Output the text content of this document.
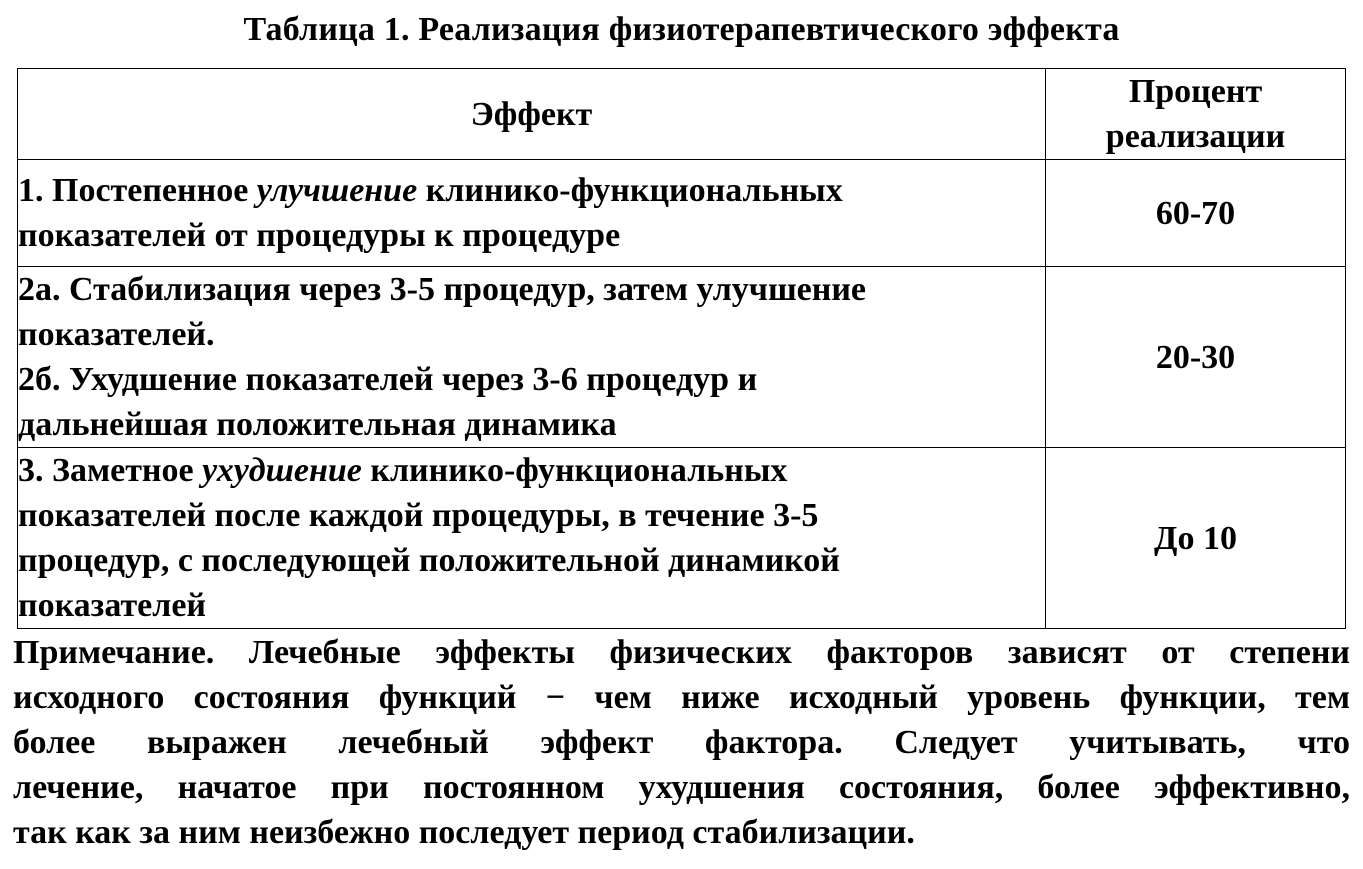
Таблица 1. Реализация физиотерапевтического эффекта
Эффект	Процент
реализации

1. Постепенное улучшение клинико-функциональных
показателей от процедуры к процедуре	60-70

2а. Стабилизация через 3-5 процедур, затем улучшение
показателей.
2б. Ухудшение показателей через 3-6 процедур и
дальнейшая положительная динамика	20-30

3. Заметное ухудшение клинико-функциональных
показателей после каждой процедуры, в течение 3-5
процедур, с последующей положительной динамикой
показателей	До 10
Примечание. Лечебные эффекты физических факторов зависят от степени
исходного состояния функций − чем ниже исходный уровень функции, тем
более выражен лечебный эффект фактора. Следует учитывать, что
лечение, начатое при постоянном ухудшения состояния, более эффективно,
так как за ним неизбежно последует период стабилизации.
